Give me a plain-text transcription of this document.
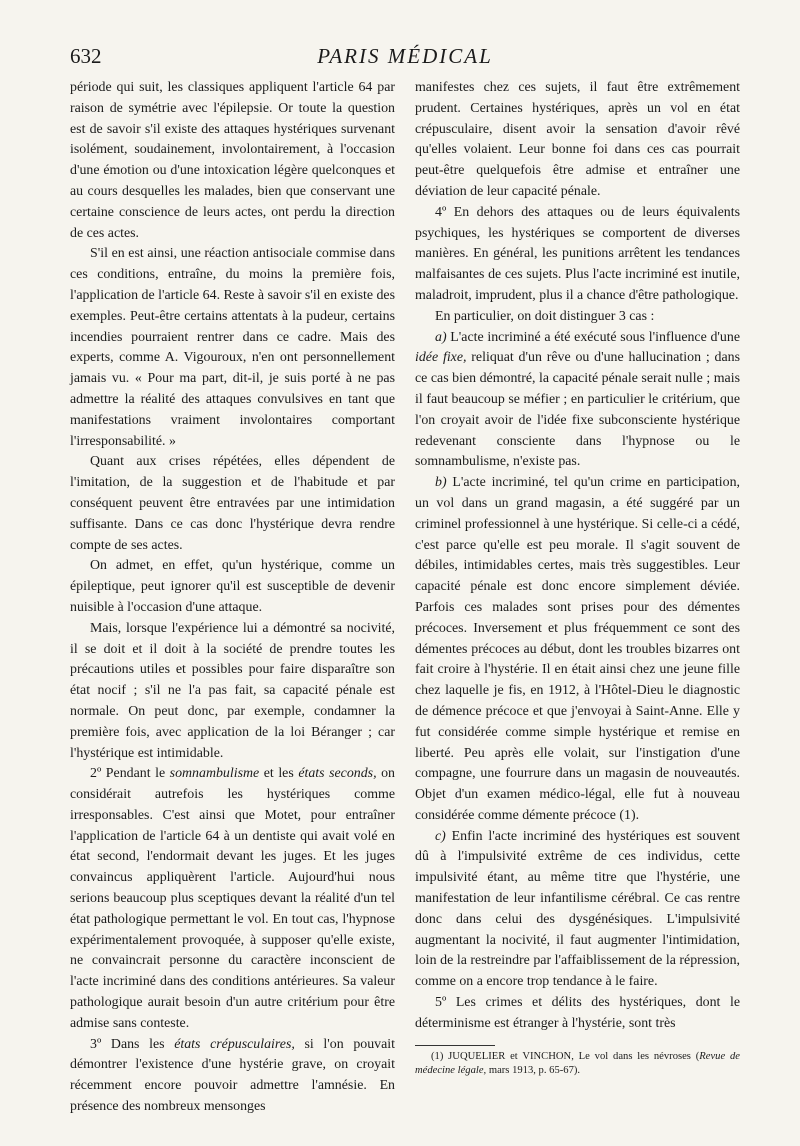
632	PARIS MÉDICAL

période qui suit, les classiques appliquent l'article 64 par raison de symétrie avec l'épilepsie. Or toute la question est de savoir s'il existe des attaques hystériques survenant isolément, soudainement, involontairement, à l'occasion d'une émotion ou d'une intoxication légère quelconques et au cours desquelles les malades, bien que conservant une certaine conscience de leurs actes, ont perdu la direction de ces actes.

S'il en est ainsi, une réaction antisociale commise dans ces conditions, entraîne, du moins la première fois, l'application de l'article 64. Reste à savoir s'il en existe des exemples. Peut-être certains attentats à la pudeur, certains incendies pourraient rentrer dans ce cadre. Mais des experts, comme A. Vigouroux, n'en ont personnellement jamais vu. « Pour ma part, dit-il, je suis porté à ne pas admettre la réalité des attaques convulsives en tant que manifestations vraiment involontaires comportant l'irresponsabilité. »

Quant aux crises répétées, elles dépendent de l'imitation, de la suggestion et de l'habitude et par conséquent peuvent être entravées par une intimidation suffisante. Dans ce cas donc l'hystérique devra rendre compte de ses actes.

On admet, en effet, qu'un hystérique, comme un épileptique, peut ignorer qu'il est susceptible de devenir nuisible à l'occasion d'une attaque.

Mais, lorsque l'expérience lui a démontré sa nocivité, il se doit et il doit à la société de prendre toutes les précautions utiles et possibles pour faire disparaître son état nocif ; s'il ne l'a pas fait, sa capacité pénale est normale. On peut donc, par exemple, condamner la première fois, avec application de la loi Béranger ; car l'hystérique est intimidable.

2º Pendant le somnambulisme et les états seconds, on considérait autrefois les hystériques comme irresponsables. C'est ainsi que Motet, pour entraîner l'application de l'article 64 à un dentiste qui avait volé en état second, l'endormait devant les juges. Et les juges convaincus appliquèrent l'article. Aujourd'hui nous serions beaucoup plus sceptiques devant la réalité d'un tel état pathologique permettant le vol. En tout cas, l'hypnose expérimentalement provoquée, à supposer qu'elle existe, ne convaincrait personne du caractère inconscient de l'acte incriminé dans des conditions antérieures. Sa valeur pathologique aurait besoin d'un autre critérium pour être admise sans conteste.

3º Dans les états crépusculaires, si l'on pouvait démontrer l'existence d'une hystérie grave, on croyait récemment encore pouvoir admettre l'amnésie. En présence des nombreux mensonges

manifestes chez ces sujets, il faut être extrêmement prudent. Certaines hystériques, après un vol en état crépusculaire, disent avoir la sensation d'avoir rêvé qu'elles volaient. Leur bonne foi dans ces cas pourrait peut-être quelquefois être admise et entraîner une déviation de leur capacité pénale.

4º En dehors des attaques ou de leurs équivalents psychiques, les hystériques se comportent de diverses manières. En général, les punitions arrêtent les tendances malfaisantes de ces sujets. Plus l'acte incriminé est inutile, maladroit, imprudent, plus il a chance d'être pathologique.

En particulier, on doit distinguer 3 cas :

a) L'acte incriminé a été exécuté sous l'influence d'une idée fixe, reliquat d'un rêve ou d'une hallucination ; dans ce cas bien démontré, la capacité pénale serait nulle ; mais il faut beaucoup se méfier ; en particulier le critérium, que l'on croyait avoir de l'idée fixe subconsciente hystérique redevenant consciente dans l'hypnose ou le somnambulisme, n'existe pas.

b) L'acte incriminé, tel qu'un crime en participation, un vol dans un grand magasin, a été suggéré par un criminel professionnel à une hystérique. Si celle-ci a cédé, c'est parce qu'elle est peu morale. Il s'agit souvent de débiles, intimidables certes, mais très suggestibles. Leur capacité pénale est donc encore simplement déviée. Parfois ces malades sont prises pour des démentes précoces. Inversement et plus fréquemment ce sont des démentes précoces au début, dont les troubles bizarres ont fait croire à l'hystérie. Il en était ainsi chez une jeune fille chez laquelle je fis, en 1912, à l'Hôtel-Dieu le diagnostic de démence précoce et que j'envoyai à Saint-Anne. Elle y fut considérée comme simple hystérique et remise en liberté. Peu après elle volait, sur l'instigation d'une compagne, une fourrure dans un magasin de nouveautés. Objet d'un examen médico-légal, elle fut à nouveau considérée comme démente précoce (1).

c) Enfin l'acte incriminé des hystériques est souvent dû à l'impulsivité extrême de ces individus, cette impulsivité étant, au même titre que l'hystérie, une manifestation de leur infantilisme cérébral. Ce cas rentre donc dans celui des dysgénésiques. L'impulsivité augmentant la nocivité, il faut augmenter l'intimidation, loin de la restreindre par l'affaiblissement de la répression, comme on a encore trop tendance à le faire.

5º Les crimes et délits des hystériques, dont le déterminisme est étranger à l'hystérie, sont très

(1) JUQUELIER et VINCHON, Le vol dans les névroses (Revue de médecine légale, mars 1913, p. 65-67).
